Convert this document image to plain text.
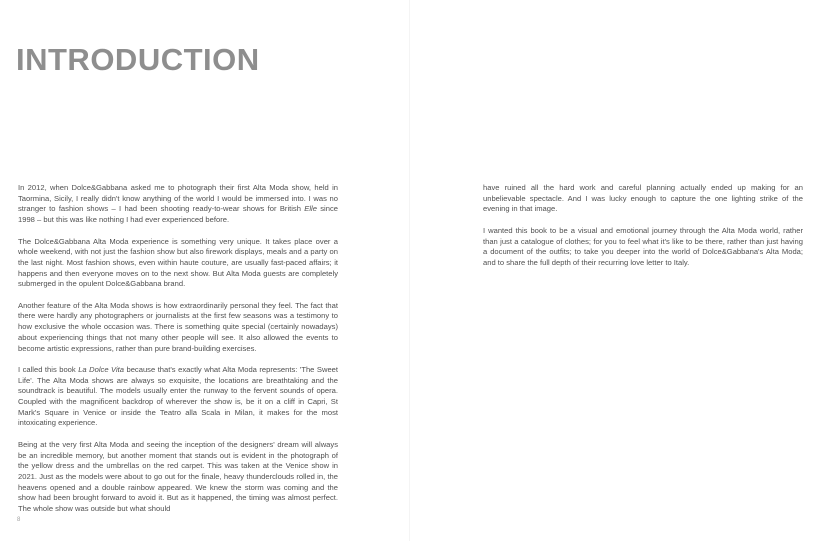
INTRODUCTION

In 2012, when Dolce&Gabbana asked me to photograph their first Alta Moda show, held in Taormina, Sicily, I really didn't know anything of the world I would be immersed into. I was no stranger to fashion shows – I had been shooting ready-to-wear shows for British Elle since 1998 – but this was like nothing I had ever experienced before.

The Dolce&Gabbana Alta Moda experience is something very unique. It takes place over a whole weekend, with not just the fashion show but also firework displays, meals and a party on the last night. Most fashion shows, even within haute couture, are usually fast-paced affairs; it happens and then everyone moves on to the next show. But Alta Moda guests are completely submerged in the opulent Dolce&Gabbana brand.

Another feature of the Alta Moda shows is how extraordinarily personal they feel. The fact that there were hardly any photographers or journalists at the first few seasons was a testimony to how exclusive the whole occasion was. There is something quite special (certainly nowadays) about experiencing things that not many other people will see. It also allowed the events to become artistic expressions, rather than pure brand-building exercises.

I called this book La Dolce Vita because that's exactly what Alta Moda represents: 'The Sweet Life'. The Alta Moda shows are always so exquisite, the locations are breathtaking and the soundtrack is beautiful. The models usually enter the runway to the fervent sounds of opera. Coupled with the magnificent backdrop of wherever the show is, be it on a cliff in Capri, St Mark's Square in Venice or inside the Teatro alla Scala in Milan, it makes for the most intoxicating experience.

Being at the very first Alta Moda and seeing the inception of the designers' dream will always be an incredible memory, but another moment that stands out is evident in the photograph of the yellow dress and the umbrellas on the red carpet. This was taken at the Venice show in 2021. Just as the models were about to go out for the finale, heavy thunderclouds rolled in, the heavens opened and a double rainbow appeared. We knew the storm was coming and the show had been brought forward to avoid it. But as it happened, the timing was almost perfect. The whole show was outside but what should

8

have ruined all the hard work and careful planning actually ended up making for an unbelievable spectacle. And I was lucky enough to capture the one lighting strike of the evening in that image.

I wanted this book to be a visual and emotional journey through the Alta Moda world, rather than just a catalogue of clothes; for you to feel what it's like to be there, rather than just having a document of the outfits; to take you deeper into the world of Dolce&Gabbana's Alta Moda; and to share the full depth of their recurring love letter to Italy.
